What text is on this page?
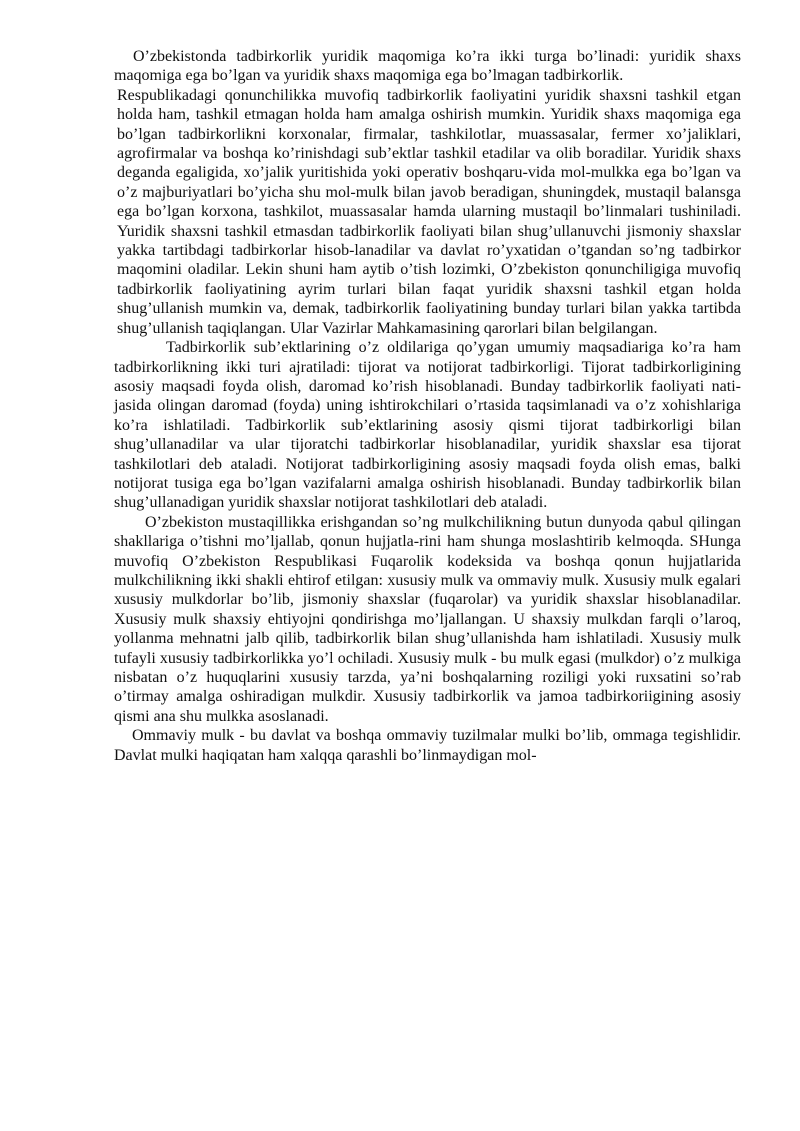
O’zbekistonda tadbirkorlik yuridik maqomiga ko’ra ikki turga bo’linadi: yuridik shaxs maqomiga ega bo’lgan va yuridik shaxs maqomiga ega bo’lmagan tadbirkorlik.

Respublikadagi qonunchilikka muvofiq tadbirkorlik faoliyatini yuridik shaxsni tashkil etgan holda ham, tashkil etmagan holda ham amalga oshirish mumkin. Yuridik shaxs maqomiga ega bo’lgan tadbirkorlikni korxonalar, firmalar, tashkilotlar, muassasalar, fermer xo’jaliklari, agrofirmalar va boshqa ko’rinishdagi sub’ektlar tashkil etadilar va olib boradilar. Yuridik shaxs deganda egaligida, xo’jalik yuritishida yoki operativ boshqaru-vida mol-mulkka ega bo’lgan va o’z majburiyatlari bo’yicha shu mol-mulk bilan javob beradigan, shuningdek, mustaqil balansga ega bo’lgan korxona, tashkilot, muassasalar hamda ularning mustaqil bo’linmalari tushiniladi. Yuridik shaxsni tashkil etmasdan tadbirkorlik faoliyati bilan shug’ullanuvchi jismoniy shaxslar yakka tartibdagi tadbirkorlar hisob-lanadilar va davlat ro’yxatidan o’tgandan so’ng tadbirkor maqomini oladilar. Lekin shuni ham aytib o’tish lozimki, O’zbekiston qonunchiligiga muvofiq tadbirkorlik faoliyatining ayrim turlari bilan faqat yuridik shaxsni tashkil etgan holda shug’ullanish mumkin va, demak, tadbirkorlik faoliyatining bunday turlari bilan yakka tartibda shug’ullanish taqiqlangan. Ular Vazirlar Mahkamasining qarorlari bilan belgilangan.

Tadbirkorlik sub’ektlarining o’z oldilariga qo’ygan umumiy maqsadiariga ko’ra ham tadbirkorlikning ikki turi ajratiladi: tijorat va notijorat tadbirkorligi. Tijorat tadbirkorligining asosiy maqsadi foyda olish, daromad ko’rish hisoblanadi. Bunday tadbirkorlik faoliyati nati-jasida olingan daromad (foyda) uning ishtirokchilari o’rtasida taqsimlanadi va o’z xohishlariga ko’ra ishlatiladi. Tadbirkorlik sub’ektlarining asosiy qismi tijorat tadbirkorligi bilan shug’ullanadilar va ular tijoratchi tadbirkorlar hisoblanadilar, yuridik shaxslar esa tijorat tashkilotlari deb ataladi. Notijorat tadbirkorligining asosiy maqsadi foyda olish emas, balki notijorat tusiga ega bo’lgan vazifalarni amalga oshirish hisoblanadi. Bunday tadbirkorlik bilan shug’ullanadigan yuridik shaxslar notijorat tashkilotlari deb ataladi.

O’zbekiston mustaqillikka erishgandan so’ng mulkchilikning butun dunyoda qabul qilingan shakllariga o’tishni mo’ljallab, qonun hujjatla-rini ham shunga moslashtirib kelmoqda. SHunga muvofiq O’zbekiston Respublikasi Fuqarolik kodeksida va boshqa qonun hujjatlarida mulkchilikning ikki shakli ehtirof etilgan: xususiy mulk va ommaviy mulk. Xususiy mulk egalari xususiy mulkdorlar bo’lib, jismoniy shaxslar (fuqarolar) va yuridik shaxslar hisoblanadilar. Xususiy mulk shaxsiy ehtiyojni qondirishga mo’ljallangan. U shaxsiy mulkdan farqli o’laroq, yollanma mehnatni jalb qilib, tadbirkorlik bilan shug’ullanishda ham ishlatiladi. Xususiy mulk tufayli xususiy tadbirkorlikka yo’l ochiladi. Xususiy mulk - bu mulk egasi (mulkdor) o’z mulkiga nisbatan o’z huquqlarini xususiy tarzda, ya’ni boshqalarning roziligi yoki ruxsatini so’rab o’tirmay amalga oshiradigan mulkdir. Xususiy tadbirkorlik va jamoa tadbirkoriigining asosiy qismi ana shu mulkka asoslanadi.

Ommaviy mulk - bu davlat va boshqa ommaviy tuzilmalar mulki bo’lib, ommaga tegishlidir. Davlat mulki haqiqatan ham xalqqa qarashli bo’linmaydigan mol-
